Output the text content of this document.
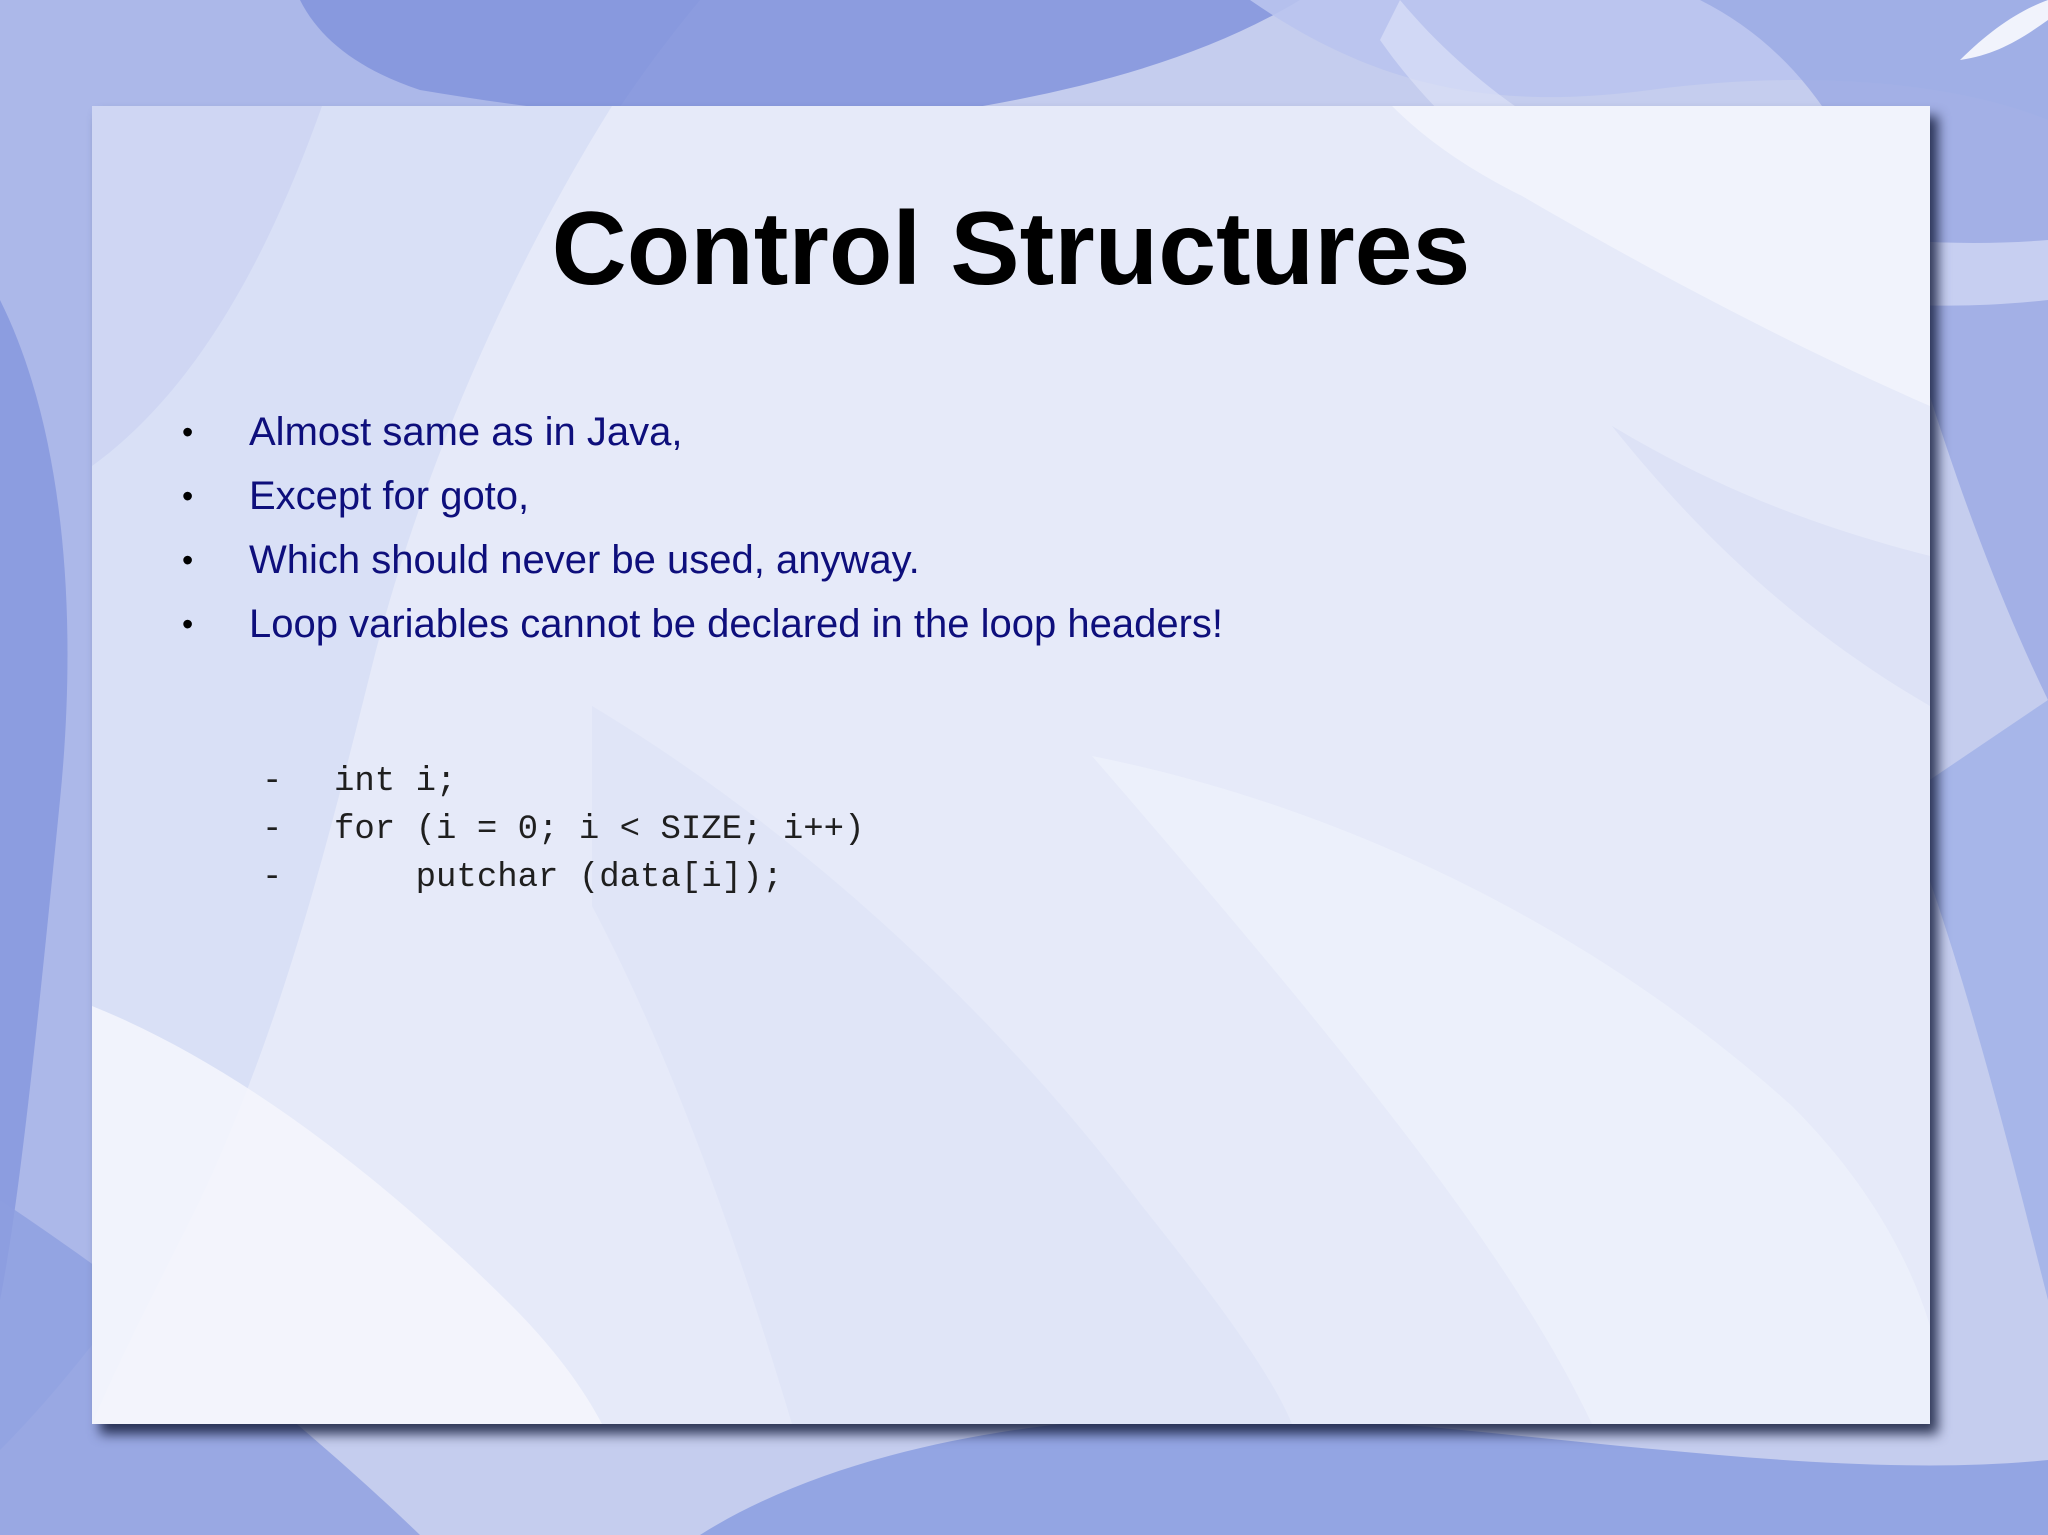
Control Structures
•	Almost same as in Java,
•	Except for goto,
•	Which should never be used, anyway.
•	Loop variables cannot be declared in the loop headers!

-

int i;

-

for (i = 0; i < SIZE; i++)

-

putchar (data[i]);
